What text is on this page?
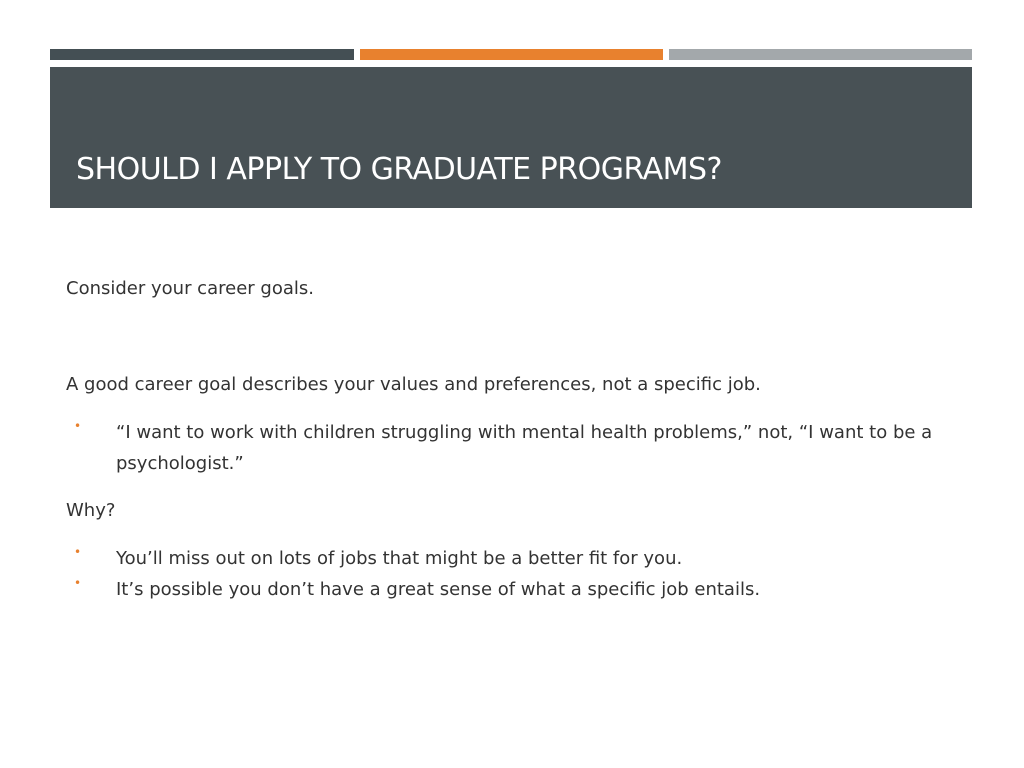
SHOULD I APPLY TO GRADUATE PROGRAMS?

Consider your career goals.

A good career goal describes your values and preferences, not a specific job.

• “I want to work with children struggling with mental health problems,” not, “I want to be a psychologist.”

Why?

• You’ll miss out on lots of jobs that might be a better fit for you.

• It’s possible you don’t have a great sense of what a specific job entails.
